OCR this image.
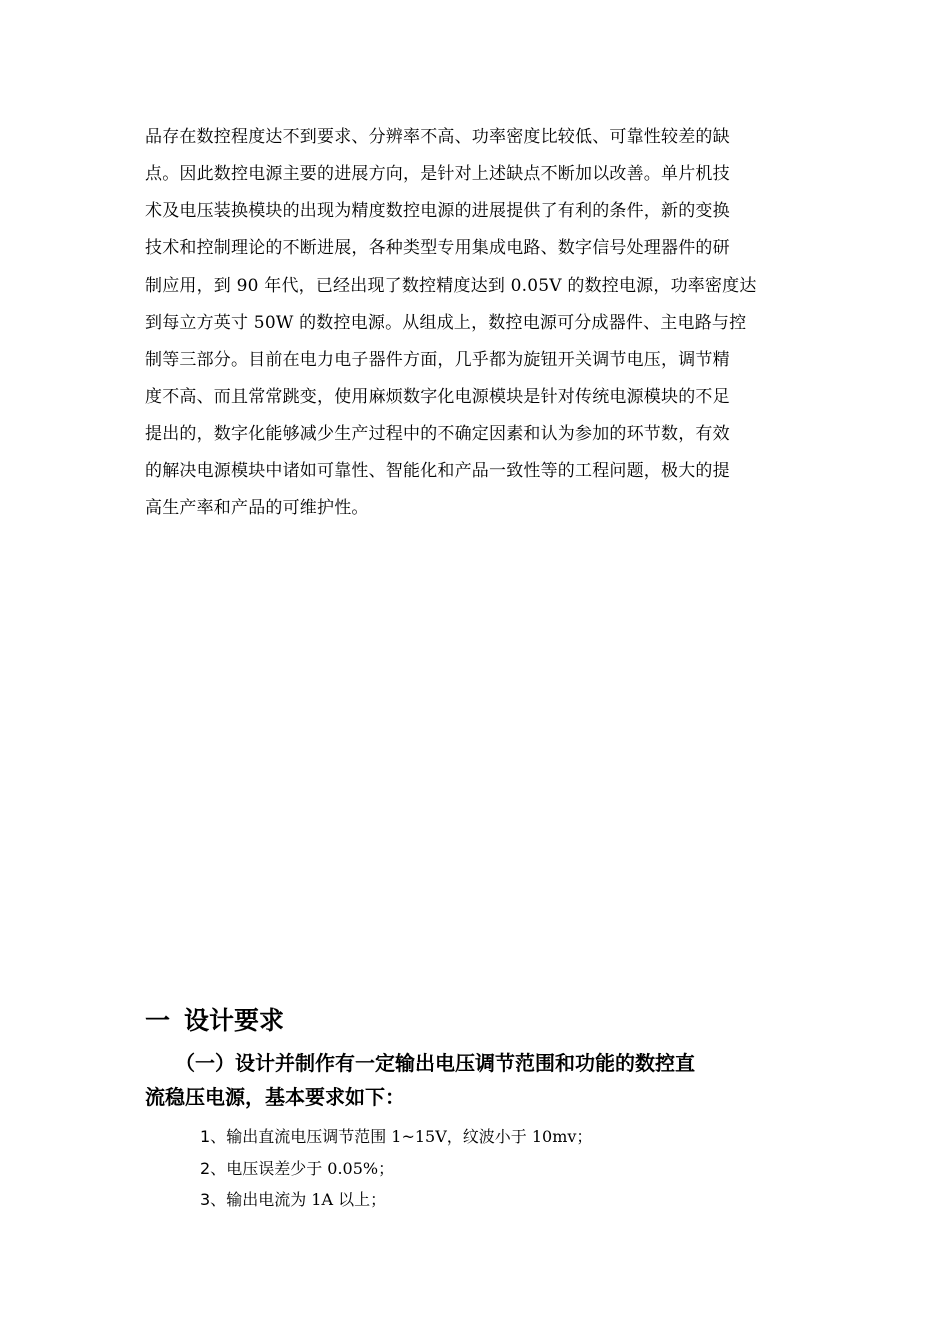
品存在数控程度达不到要求、分辨率不高、功率密度比较低、可靠性较差的缺
点。因此数控电源主要的进展方向，是针对上述缺点不断加以改善。单片机技
术及电压装换模块的出现为精度数控电源的进展提供了有利的条件，新的变换
技术和控制理论的不断进展，各种类型专用集成电路、数字信号处理器件的研
制应用，到 90 年代，已经出现了数控精度达到 0.05V 的数控电源，功率密度达
到每立方英寸 50W 的数控电源。从组成上，数控电源可分成器件、主电路与控
制等三部分。目前在电力电子器件方面，几乎都为旋钮开关调节电压，调节精
度不高、而且常常跳变，使用麻烦数字化电源模块是针对传统电源模块的不足
提出的，数字化能够减少生产过程中的不确定因素和认为参加的环节数，有效
的解决电源模块中诸如可靠性、智能化和产品一致性等的工程问题，极大的提
高生产率和产品的可维护性。
一 设计要求
（一）设计并制作有一定输出电压调节范围和功能的数控直
流稳压电源，基本要求如下：
1、输出直流电压调节范围 1~15V，纹波小于 10mv；
2、电压误差少于 0.05%；
3、输出电流为 1A 以上；
